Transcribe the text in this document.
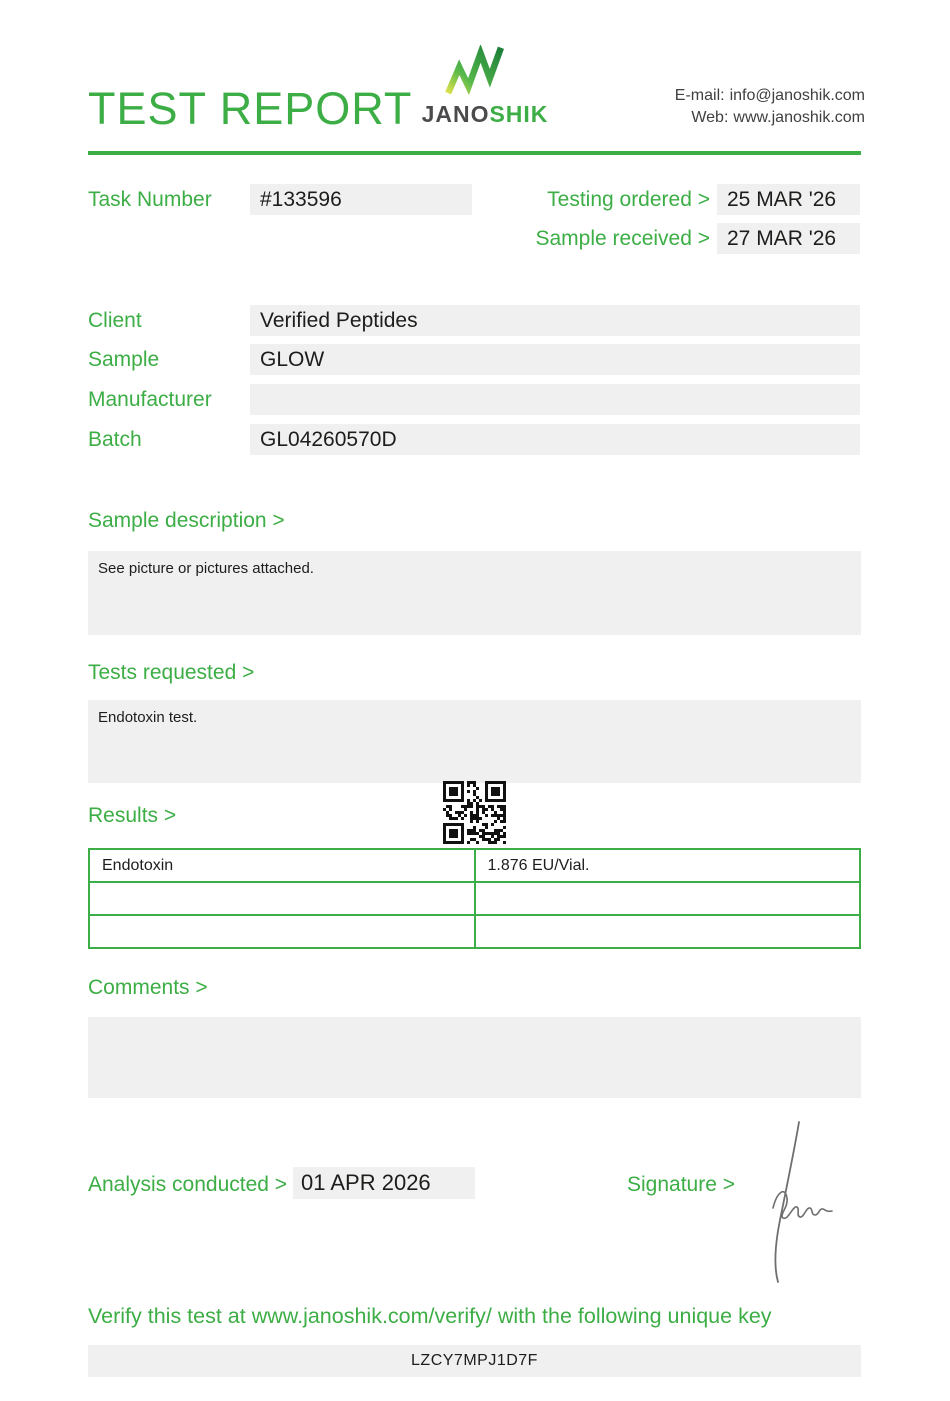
TEST REPORT JANOSHIK
E-mail: info@janoshik.com
Web: www.janoshik.com
Task Number	#133596	Testing ordered > 25 MAR '26
Sample received > 27 MAR '26
Client	Verified Peptides
Sample	GLOW
Manufacturer
Batch	GL04260570D
Sample description >
See picture or pictures attached.
Tests requested >
Endotoxin test.
Results >
Endotoxin	1.876 EU/Vial.

Comments >
Analysis conducted > 01 APR 2026	Signature >
Verify this test at www.janoshik.com/verify/ with the following unique key
LZCY7MPJ1D7F
